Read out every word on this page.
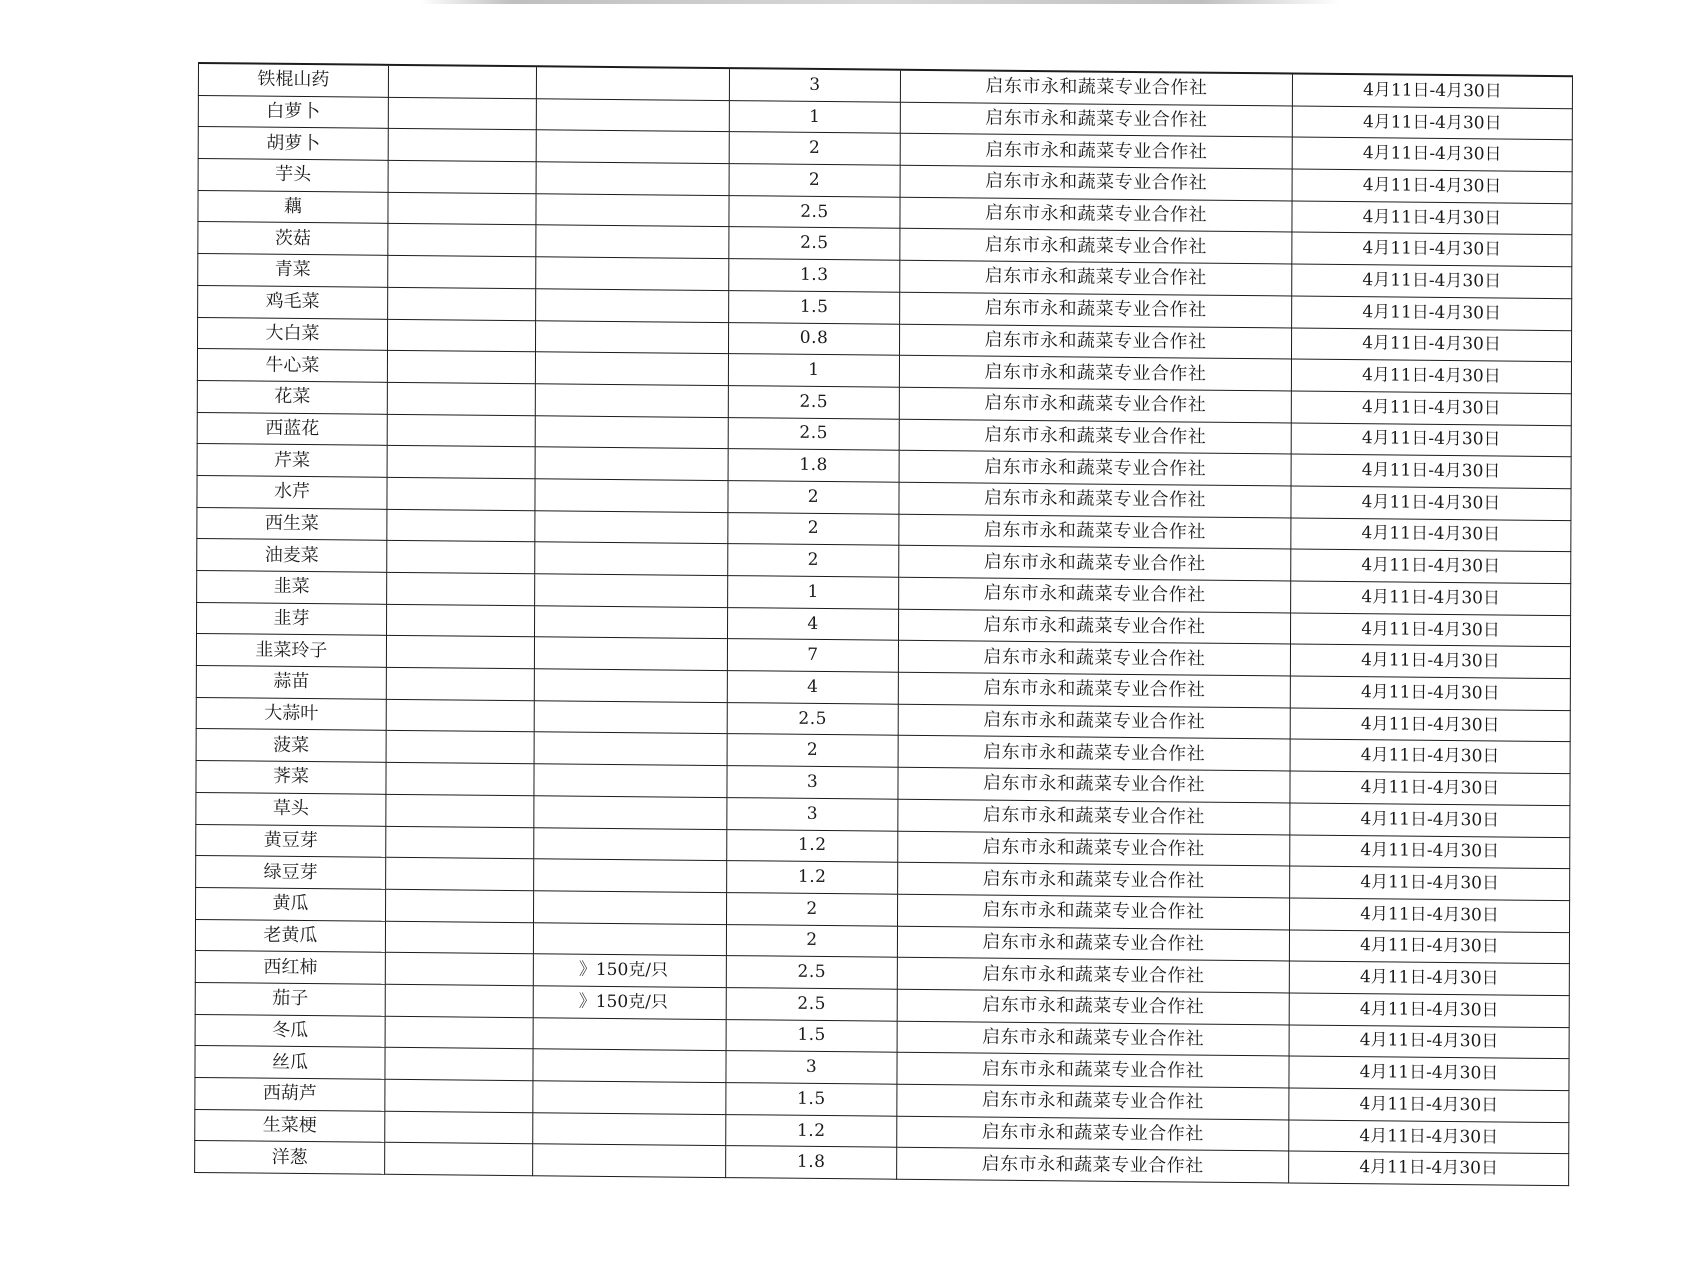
铁棍山药			3	启东市永和蔬菜专业合作社	4月11日-4月30日
白萝卜			1	启东市永和蔬菜专业合作社	4月11日-4月30日
胡萝卜			2	启东市永和蔬菜专业合作社	4月11日-4月30日
芋头			2	启东市永和蔬菜专业合作社	4月11日-4月30日
藕			2.5	启东市永和蔬菜专业合作社	4月11日-4月30日
茨菇			2.5	启东市永和蔬菜专业合作社	4月11日-4月30日
青菜			1.3	启东市永和蔬菜专业合作社	4月11日-4月30日
鸡毛菜			1.5	启东市永和蔬菜专业合作社	4月11日-4月30日
大白菜			0.8	启东市永和蔬菜专业合作社	4月11日-4月30日
牛心菜			1	启东市永和蔬菜专业合作社	4月11日-4月30日
花菜			2.5	启东市永和蔬菜专业合作社	4月11日-4月30日
西蓝花			2.5	启东市永和蔬菜专业合作社	4月11日-4月30日
芹菜			1.8	启东市永和蔬菜专业合作社	4月11日-4月30日
水芹			2	启东市永和蔬菜专业合作社	4月11日-4月30日
西生菜			2	启东市永和蔬菜专业合作社	4月11日-4月30日
油麦菜			2	启东市永和蔬菜专业合作社	4月11日-4月30日
韭菜			1	启东市永和蔬菜专业合作社	4月11日-4月30日
韭芽			4	启东市永和蔬菜专业合作社	4月11日-4月30日
韭菜玲子			7	启东市永和蔬菜专业合作社	4月11日-4月30日
蒜苗			4	启东市永和蔬菜专业合作社	4月11日-4月30日
大蒜叶			2.5	启东市永和蔬菜专业合作社	4月11日-4月30日
菠菜			2	启东市永和蔬菜专业合作社	4月11日-4月30日
荠菜			3	启东市永和蔬菜专业合作社	4月11日-4月30日
草头			3	启东市永和蔬菜专业合作社	4月11日-4月30日
黄豆芽			1.2	启东市永和蔬菜专业合作社	4月11日-4月30日
绿豆芽			1.2	启东市永和蔬菜专业合作社	4月11日-4月30日
黄瓜			2	启东市永和蔬菜专业合作社	4月11日-4月30日
老黄瓜			2	启东市永和蔬菜专业合作社	4月11日-4月30日
西红柿		》150克/只	2.5	启东市永和蔬菜专业合作社	4月11日-4月30日
茄子		》150克/只	2.5	启东市永和蔬菜专业合作社	4月11日-4月30日
冬瓜			1.5	启东市永和蔬菜专业合作社	4月11日-4月30日
丝瓜			3	启东市永和蔬菜专业合作社	4月11日-4月30日
西葫芦			1.5	启东市永和蔬菜专业合作社	4月11日-4月30日
生菜梗			1.2	启东市永和蔬菜专业合作社	4月11日-4月30日
洋葱			1.8	启东市永和蔬菜专业合作社	4月11日-4月30日
